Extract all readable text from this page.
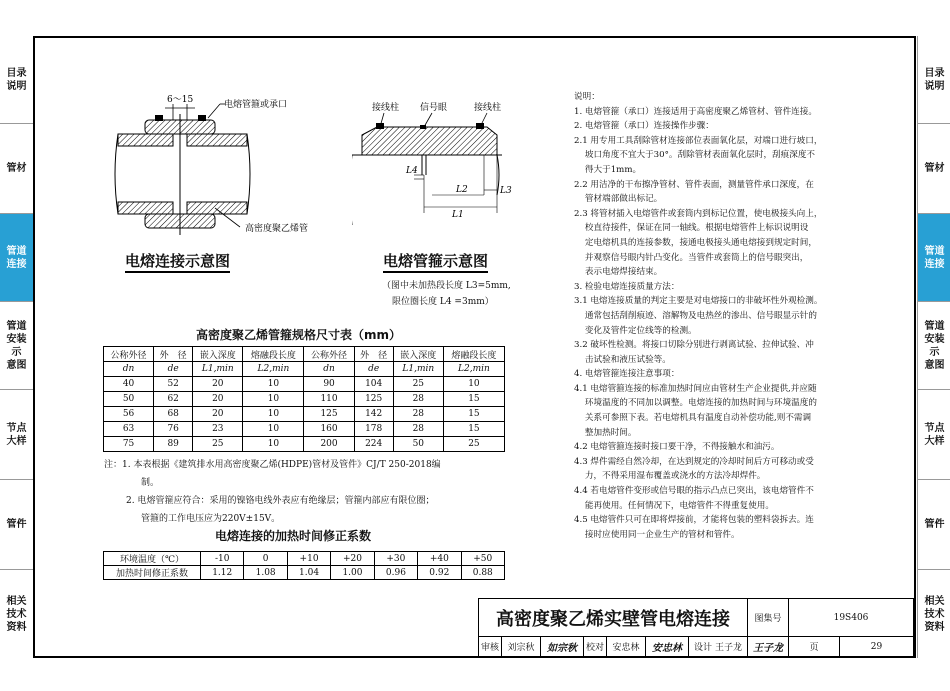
目录
说明
管材
管道
连接
管道
安装
示
意图
节点
大样
管件
相关
技术
资料
目录
说明
管材
管道
连接
管道
安装
示
意图
节点
大样
管件
相关
技术
资料
6～15	电熔管箍或承口
高密度聚乙烯管
电熔连接示意图
接线柱 信号眼	接线柱
L4
L2	L3
L1
电熔管箍示意图
（图中未加热段长度 L3=5mm,
限位圈长度 L4 =3mm）
高密度聚乙烯管箍规格尺寸表（mm）
公称外径	外　径	嵌入深度	熔融段长度	公称外径	外　径	嵌入深度	熔融段长度
dn	de	L1,min	L2,min	dn	de	L1,min	L2,min
40	52	20	10	90	104	25	10
50	62	20	10	110	125	28	15
56	68	20	10	125	142	28	15
63	76	23	10	160	178	28	15
75	89	25	10	200	224	50	25
注：1. 本表根据《建筑排水用高密度聚乙烯(HDPE)管材及管件》CJ/T 250-2018编
制。
2. 电熔管箍应符合：采用的镍铬电线外表应有绝缘层；管箍内部应有限位圈；
管箍的工作电压应为220V±15V。
电熔连接的加热时间修正系数
环境温度（℃）	-10	0	+10	+20	+30	+40	+50
加热时间修正系数	1.12	1.08	1.04	1.00	0.96	0.92	0.88
说明：
1. 电熔管箍（承口）连接适用于高密度聚乙烯管材、管件连接。
2. 电熔管箍（承口）连接操作步骤：
2.1 用专用工具刮除管材连接部位表面氧化层，对端口进行坡口，
坡口角度不宜大于30°。刮除管材表面氧化层时，刮痕深度不
得大于1mm。
2.2 用洁净的干布擦净管材、管件表面，测量管件承口深度，在
管材端部做出标记。
2.3 将管材插入电熔管件或套筒内到标记位置，使电极接头向上，
校直待接件，保证在同一轴线。根据电熔管件上标识说明设
定电熔机具的连接参数，接通电极接头通电熔接到规定时间，
并观察信号眼内针凸变化。当管件或套筒上的信号眼突出，
表示电熔焊接结束。
3. 检验电熔连接质量方法：
3.1 电熔连接质量的判定主要是对电熔接口的非破坏性外观检测。
通常包括刮削痕迹、溶解物及电热丝的渗出、信号眼显示针的
变化及管件定位线等的检测。
3.2 破坏性检测。将接口切除分别进行剥离试验、拉伸试验、冲
击试验和液压试验等。
4. 电熔管箍连接注意事项：
4.1 电熔管箍连接的标准加热时间应由管材生产企业提供,并应随
环境温度的不同加以调整。电熔连接的加热时间与环境温度的
关系可参照下表。若电熔机具有温度自动补偿功能,则不需调
整加热时间。
4.2 电熔管箍连接时接口要干净，不得接触水和油污。
4.3 焊件需经自然冷却，在达到规定的冷却时间后方可移动或受
力，不得采用湿布覆盖或浇水的方法冷却焊件。
4.4 若电熔管件变形或信号眼的指示凸点已突出，该电熔管件不
能再使用。任何情况下，电熔管件不得重复使用。
4.5 电熔管件只可在即将焊接前，才能将包装的塑料袋拆去。连
接时应使用同一企业生产的管材和管件。
高密度聚乙烯实壁管电熔连接							图集号	19S406	
审核	刘宗秋	如宗秋	校对	安忠林	安忠林	设计 王子龙	王子龙	页	29
